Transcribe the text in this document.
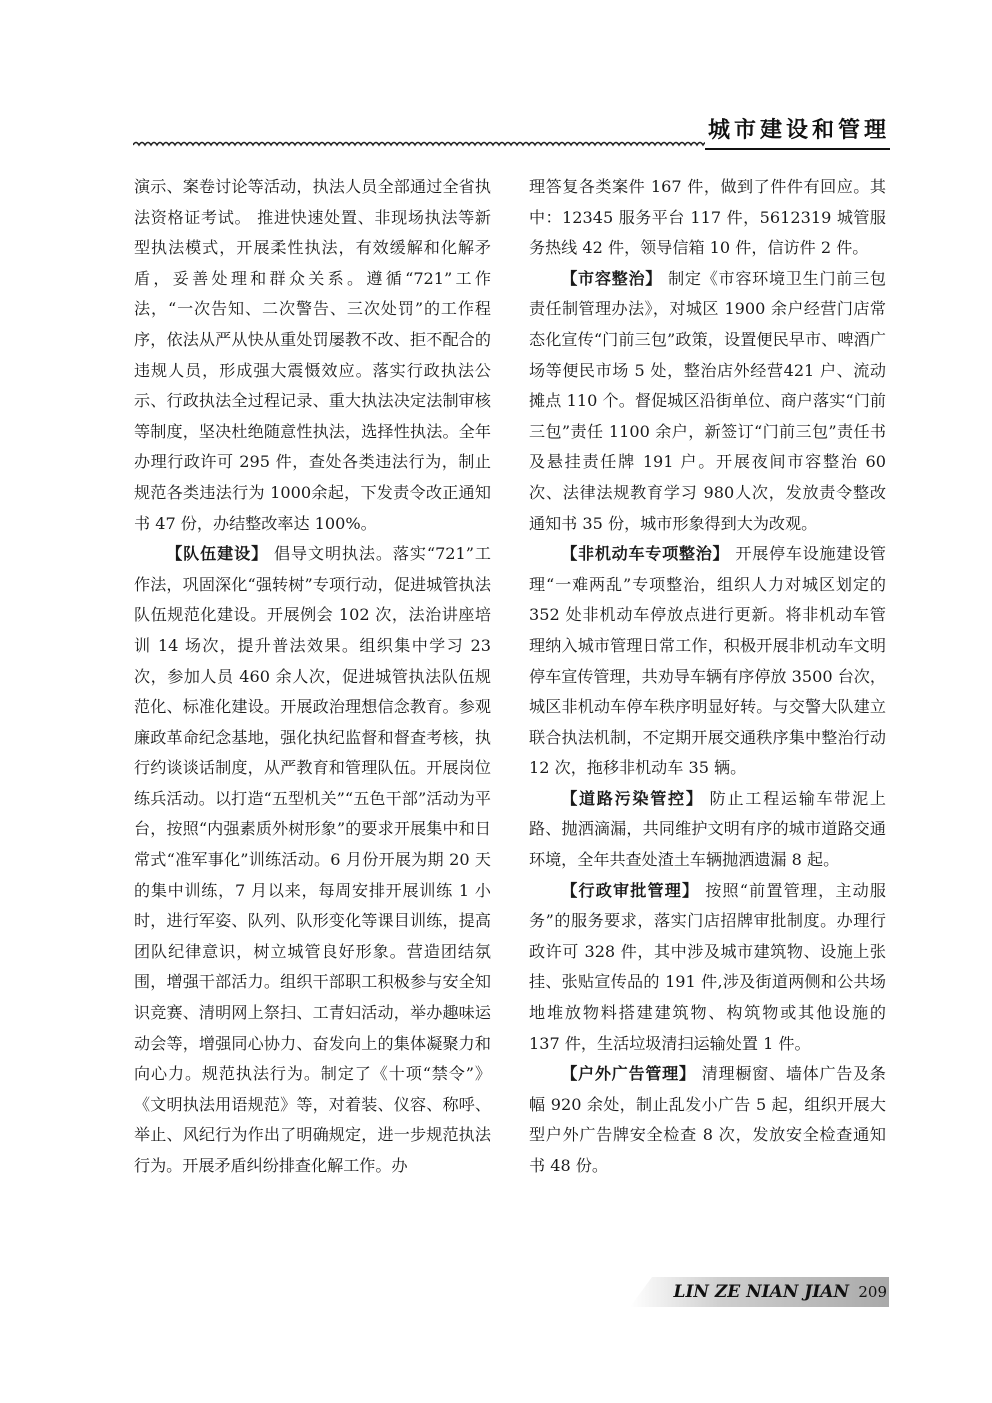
城市建设和管理

演示、案卷讨论等活动，执法人员全部通过全省执法资格证考试。 推进快速处置、非现场执法等新型执法模式，开展柔性执法，有效缓解和化解矛盾，妥善处理和群众关系。遵循“721”工作法，“一次告知、二次警告、三次处罚”的工作程序，依法从严从快从重处罚屡教不改、拒不配合的违规人员，形成强大震慑效应。落实行政执法公示、行政执法全过程记录、重大执法决定法制审核等制度，坚决杜绝随意性执法，选择性执法。全年办理行政许可 295 件，查处各类违法行为，制止规范各类违法行为 1000余起，下发责令改正通知书 47 份，办结整改率达 100%。

【队伍建设】 倡导文明执法。落实“721”工作法，巩固深化“强转树”专项行动，促进城管执法队伍规范化建设。开展例会 102 次，法治讲座培训 14 场次，提升普法效果。组织集中学习 23 次，参加人员 460 余人次，促进城管执法队伍规范化、标准化建设。开展政治理想信念教育。参观廉政革命纪念基地，强化执纪监督和督查考核，执行约谈谈话制度，从严教育和管理队伍。开展岗位练兵活动。以打造“五型机关”“五色干部”活动为平台，按照“内强素质外树形象”的要求开展集中和日常式“准军事化”训练活动。6 月份开展为期 20 天的集中训练，7 月以来，每周安排开展训练 1 小时，进行军姿、队列、队形变化等课目训练，提高团队纪律意识，树立城管良好形象。营造团结氛围，增强干部活力。组织干部职工积极参与安全知识竞赛、清明网上祭扫、工青妇活动，举办趣味运动会等，增强同心协力、奋发向上的集体凝聚力和向心力。规范执法行为。制定了《十项“禁令”》《文明执法用语规范》等，对着装、仪容、称呼、举止、风纪行为作出了明确规定，进一步规范执法行为。开展矛盾纠纷排查化解工作。办

理答复各类案件 167 件，做到了件件有回应。其中：12345 服务平台 117 件，5612319 城管服务热线 42 件，领导信箱 10 件，信访件 2 件。

【市容整治】 制定《市容环境卫生门前三包责任制管理办法》，对城区 1900 余户经营门店常态化宣传“门前三包”政策，设置便民早市、啤酒广场等便民市场 5 处，整治店外经营421 户、流动摊点 110 个。督促城区沿街单位、商户落实“门前三包”责任 1100 余户，新签订“门前三包”责任书及悬挂责任牌 191 户。开展夜间市容整治 60 次、法律法规教育学习 980人次，发放责令整改通知书 35 份，城市形象得到大为改观。

【非机动车专项整治】 开展停车设施建设管理“一难两乱”专项整治，组织人力对城区划定的 352 处非机动车停放点进行更新。将非机动车管理纳入城市管理日常工作，积极开展非机动车文明停车宣传管理，共劝导车辆有序停放 3500 台次，城区非机动车停车秩序明显好转。与交警大队建立联合执法机制，不定期开展交通秩序集中整治行动 12 次，拖移非机动车 35 辆。

【道路污染管控】 防止工程运输车带泥上路、抛洒滴漏，共同维护文明有序的城市道路交通环境，全年共查处渣土车辆抛洒遗漏 8 起。

【行政审批管理】 按照“前置管理，主动服务”的服务要求，落实门店招牌审批制度。办理行政许可 328 件，其中涉及城市建筑物、设施上张挂、张贴宣传品的 191 件,涉及街道两侧和公共场地堆放物料搭建建筑物、构筑物或其他设施的 137 件，生活垃圾清扫运输处置 1 件。

【户外广告管理】 清理橱窗、墙体广告及条幅 920 余处，制止乱发小广告 5 起，组织开展大型户外广告牌安全检查 8 次，发放安全检查通知书 48 份。

LIN ZE NIAN JIAN 209
